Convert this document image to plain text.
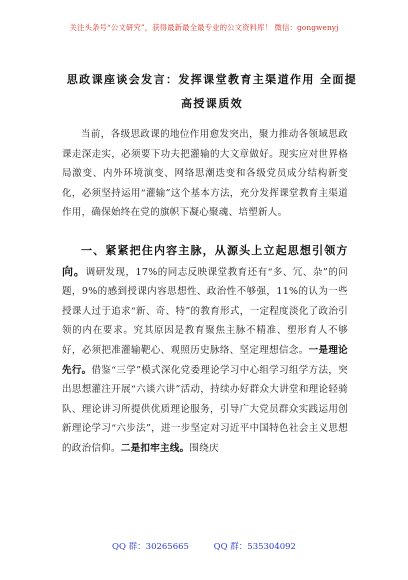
关注头条号“公文研究”，获得最新最全最专业的公文资料库！ 微信：gongwenyj
思政课座谈会发言：发挥课堂教育主渠道作用 全面提高授课质效

当前，各级思政课的地位作用愈发突出，聚力推动各领域思政课走深走实，必须要下功夫把灌输的大文章做好。现实应对世界格局激变、内外环境演变、网络思潮迭变和各级党员成分结构新变化，必须坚持运用“灌输”这个基本方法，充分发挥课堂教育主渠道作用，确保始终在党的旗帜下凝心聚魂、培塑新人。

一、紧紧把住内容主脉，从源头上立起思想引领方向。调研发现，17%的同志反映课堂教育还有“多、冗、杂”的问题，9%的感到授课内容思想性、政治性不够强，11%的认为一些授课人过于追求“新、奇、特”的教育形式，一定程度淡化了政治引领的内在要求。究其原因是教育聚焦主脉不精准、塑形育人不够好，必须把准灌输靶心、观照历史脉络、坚定理想信念。一是理论先行。借鉴“三学”模式深化党委理论学习中心组学习组学方法，突出思想灌注开展“六谈六讲”活动，持续办好群众大讲堂和理论轻骑队、理论讲习所提供优质理论服务，引导广大党员群众实践运用创新理论学习“六步法”，进一步坚定对习近平中国特色社会主义思想的政治信仰。二是扣牢主线。围绕庆

QQ 群：30265665	QQ 群：535304092
